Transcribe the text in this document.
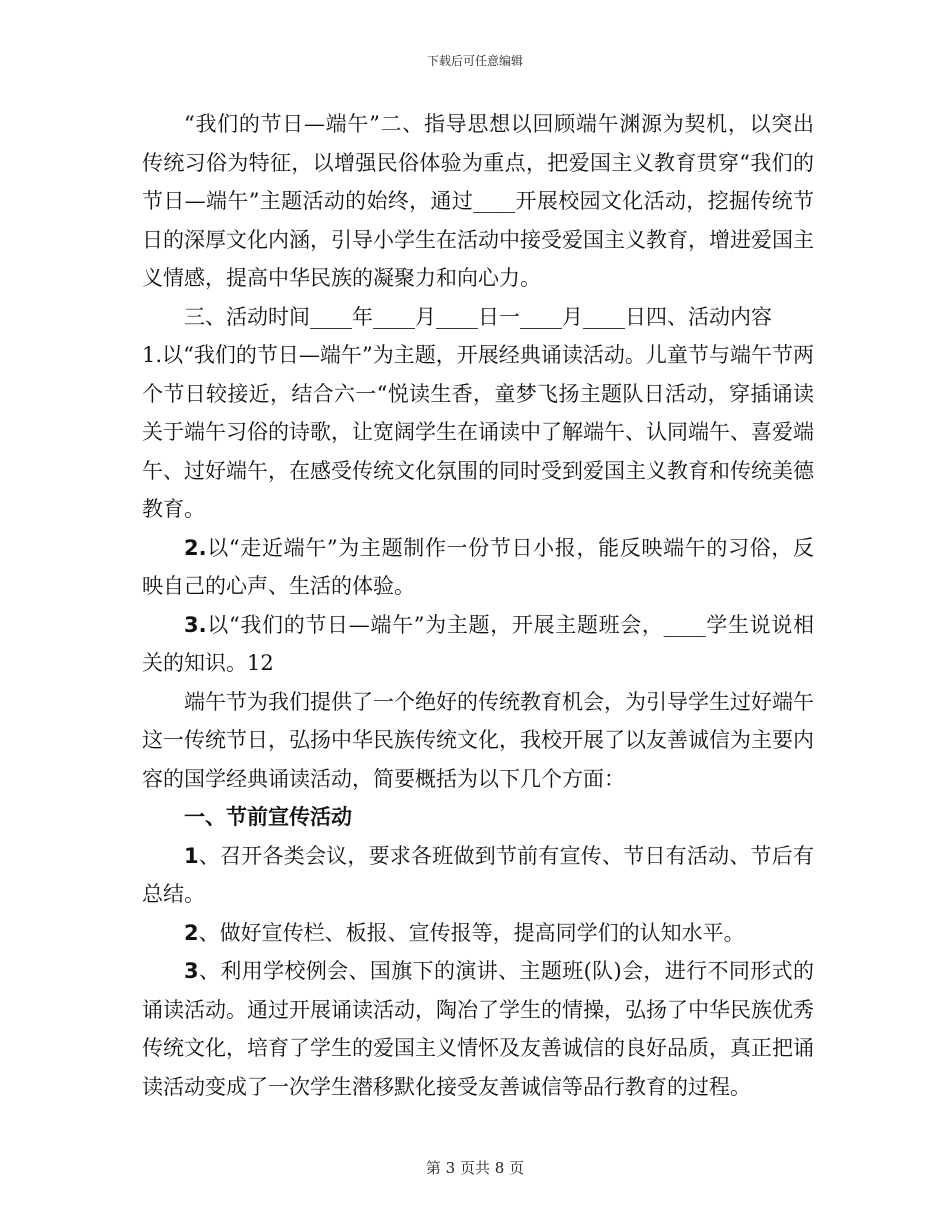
下载后可任意编辑

“我们的节日—端午”二、指导思想以回顾端午渊源为契机，以突出传统习俗为特征，以增强民俗体验为重点，把爱国主义教育贯穿“我们的节日—端午”主题活动的始终，通过____开展校园文化活动，挖掘传统节日的深厚文化内涵，引导小学生在活动中接受爱国主义教育，增进爱国主义情感，提高中华民族的凝聚力和向心力。

三、活动时间____年____月____日一____月____日四、活动内容

1.以“我们的节日—端午”为主题，开展经典诵读活动。儿童节与端午节两个节日较接近，结合六一“悦读生香，童梦飞扬主题队日活动，穿插诵读关于端午习俗的诗歌，让宽阔学生在诵读中了解端午、认同端午、喜爱端午、过好端午，在感受传统文化氛围的同时受到爱国主义教育和传统美德教育。

2.以“走近端午”为主题制作一份节日小报，能反映端午的习俗，反映自己的心声、生活的体验。

3.以“我们的节日—端午”为主题，开展主题班会，____学生说说相关的知识。12

端午节为我们提供了一个绝好的传统教育机会，为引导学生过好端午这一传统节日，弘扬中华民族传统文化，我校开展了以友善诚信为主要内容的国学经典诵读活动，简要概括为以下几个方面：

一、节前宣传活动

1、召开各类会议，要求各班做到节前有宣传、节日有活动、节后有总结。

2、做好宣传栏、板报、宣传报等，提高同学们的认知水平。

3、利用学校例会、国旗下的演讲、主题班(队)会，进行不同形式的诵读活动。通过开展诵读活动，陶冶了学生的情操，弘扬了中华民族优秀传统文化，培育了学生的爱国主义情怀及友善诚信的良好品质，真正把诵读活动变成了一次学生潜移默化接受友善诚信等品行教育的过程。

第 3 页共 8 页
